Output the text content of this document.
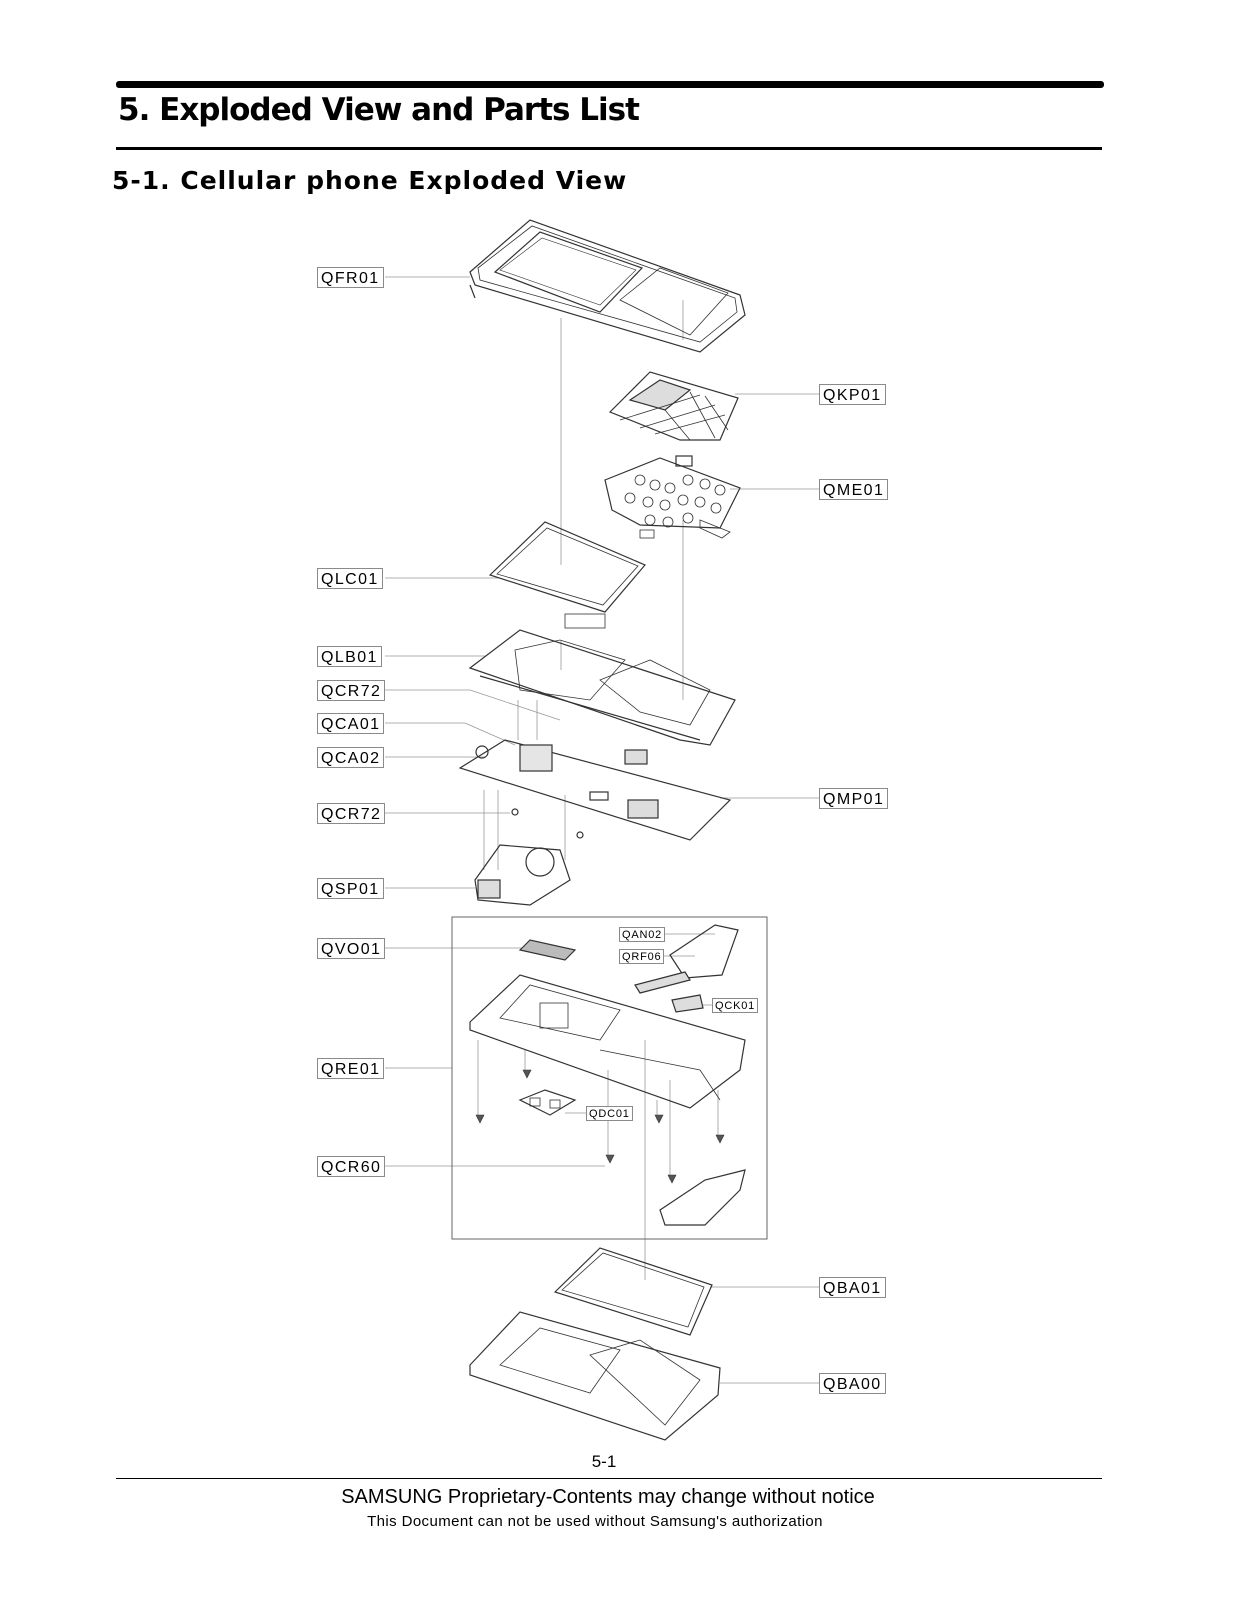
5. Exploded View and Parts List
5-1. Cellular phone Exploded View
QFR01
QKP01
QME01
QLC01
QLB01
QCR72
QCA01
QCA02
QMP01
QCR72
QSP01
QVO01
QAN02
QRF06
QCK01
QRE01
QDC01
QCR60
QBA01
QBA00
5-1
SAMSUNG Proprietary-Contents may change without notice
This Document can not be used without Samsung's authorization
